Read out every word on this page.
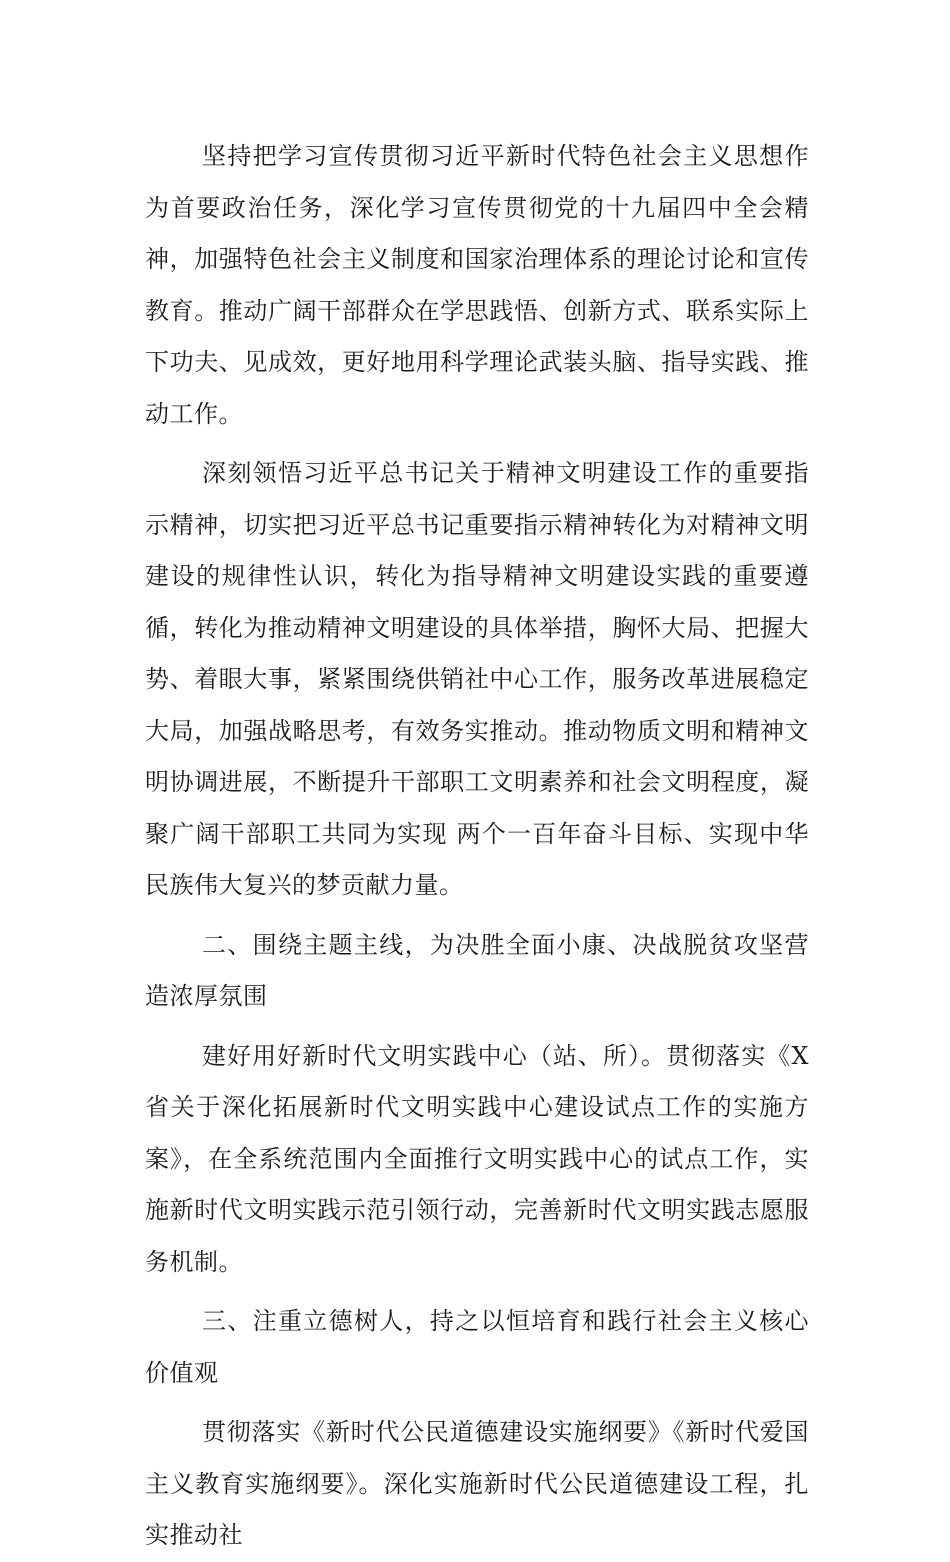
坚持把学习宣传贯彻习近平新时代特色社会主义思想作为首要政治任务，深化学习宣传贯彻党的十九届四中全会精神，加强特色社会主义制度和国家治理体系的理论讨论和宣传教育。推动广阔干部群众在学思践悟、创新方式、联系实际上下功夫、见成效，更好地用科学理论武装头脑、指导实践、推动工作。

深刻领悟习近平总书记关于精神文明建设工作的重要指示精神，切实把习近平总书记重要指示精神转化为对精神文明建设的规律性认识，转化为指导精神文明建设实践的重要遵循，转化为推动精神文明建设的具体举措，胸怀大局、把握大势、着眼大事，紧紧围绕供销社中心工作，服务改革进展稳定大局，加强战略思考，有效务实推动。推动物质文明和精神文明协调进展，不断提升干部职工文明素养和社会文明程度，凝聚广阔干部职工共同为实现 两个一百年奋斗目标、实现中华民族伟大复兴的梦贡献力量。

二、围绕主题主线，为决胜全面小康、决战脱贫攻坚营造浓厚氛围

建好用好新时代文明实践中心（站、所）。贯彻落实《X省关于深化拓展新时代文明实践中心建设试点工作的实施方案》，在全系统范围内全面推行文明实践中心的试点工作，实施新时代文明实践示范引领行动，完善新时代文明实践志愿服务机制。

三、注重立德树人，持之以恒培育和践行社会主义核心价值观

贯彻落实《新时代公民道德建设实施纲要》《新时代爱国主义教育实施纲要》。深化实施新时代公民道德建设工程，扎实推动社
